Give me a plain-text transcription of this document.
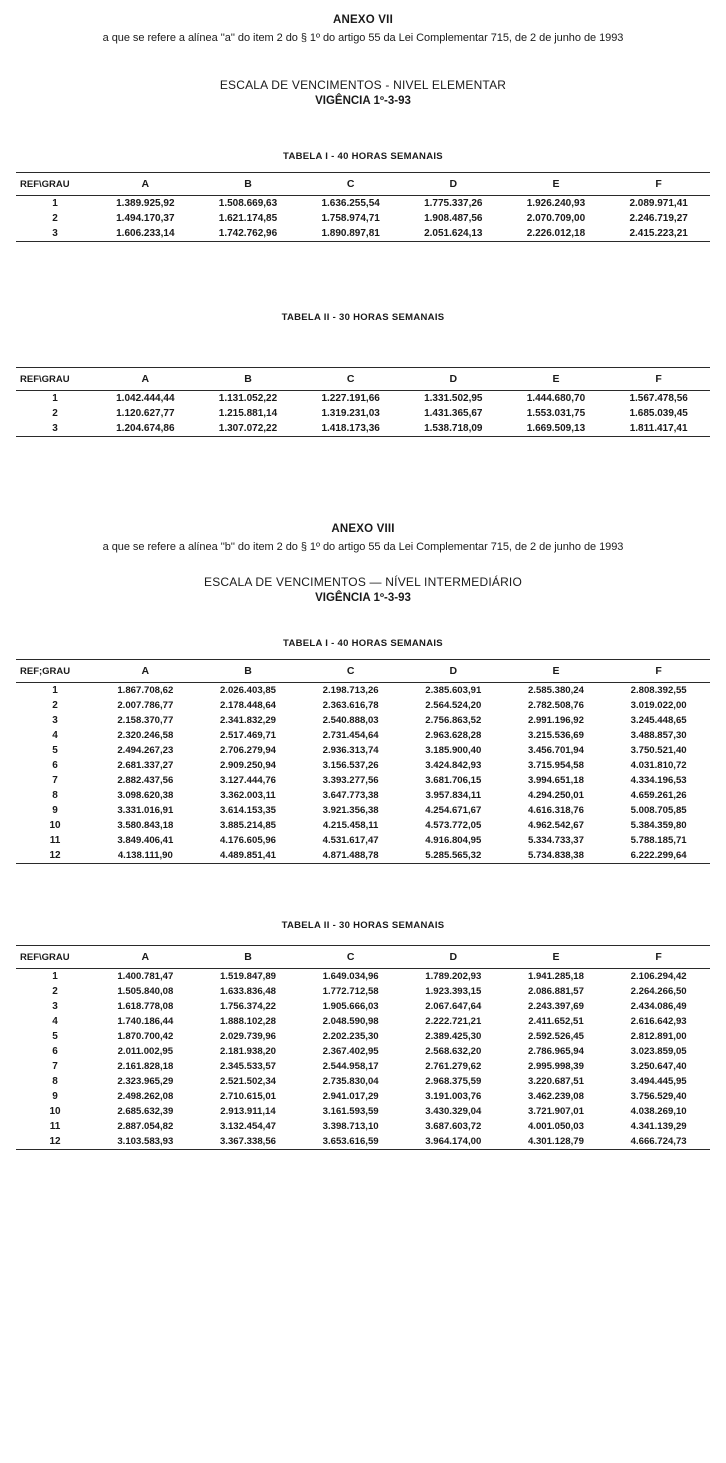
ANEXO VII
a que se refere a alínea ''a'' do item 2 do § 1º do artigo 55 da Lei Complementar 715, de 2 de junho de 1993
ESCALA DE VENCIMENTOS - NIVEL ELEMENTAR
VIGÊNCIA 1º-3-93
TABELA I - 40 HORAS SEMANAIS
REF\GRAU	A	B	C	D	E	F
1	1.389.925,92	1.508.669,63	1.636.255,54	1.775.337,26	1.926.240,93	2.089.971,41
2	1.494.170,37	1.621.174,85	1.758.974,71	1.908.487,56	2.070.709,00	2.246.719,27
3	1.606.233,14	1.742.762,96	1.890.897,81	2.051.624,13	2.226.012,18	2.415.223,21
TABELA II - 30 HORAS SEMANAIS
REF\GRAU	A	B	C	D	E	F
1	1.042.444,44	1.131.052,22	1.227.191,66	1.331.502,95	1.444.680,70	1.567.478,56
2	1.120.627,77	1.215.881,14	1.319.231,03	1.431.365,67	1.553.031,75	1.685.039,45
3	1.204.674,86	1.307.072,22	1.418.173,36	1.538.718,09	1.669.509,13	1.811.417,41
ANEXO VIII
a que se refere a alínea ''b'' do item 2 do § 1º do artigo 55 da Lei Complementar 715, de 2 de junho de 1993
ESCALA DE VENCIMENTOS — NÍVEL INTERMEDIÁRIO
VIGÊNCIA 1º-3-93
TABELA I - 40 HORAS SEMANAIS
REF;GRAU	A	B	C	D	E	F
1	1.867.708,62	2.026.403,85	2.198.713,26	2.385.603,91	2.585.380,24	2.808.392,55
2	2.007.786,77	2.178.448,64	2.363.616,78	2.564.524,20	2.782.508,76	3.019.022,00
3	2.158.370,77	2.341.832,29	2.540.888,03	2.756.863,52	2.991.196,92	3.245.448,65
4	2.320.246,58	2.517.469,71	2.731.454,64	2.963.628,28	3.215.536,69	3.488.857,30
5	2.494.267,23	2.706.279,94	2.936.313,74	3.185.900,40	3.456.701,94	3.750.521,40
6	2.681.337,27	2.909.250,94	3.156.537,26	3.424.842,93	3.715.954,58	4.031.810,72
7	2.882.437,56	3.127.444,76	3.393.277,56	3.681.706,15	3.994.651,18	4.334.196,53
8	3.098.620,38	3.362.003,11	3.647.773,38	3.957.834,11	4.294.250,01	4.659.261,26
9	3.331.016,91	3.614.153,35	3.921.356,38	4.254.671,67	4.616.318,76	5.008.705,85
10	3.580.843,18	3.885.214,85	4.215.458,11	4.573.772,05	4.962.542,67	5.384.359,80
11	3.849.406,41	4.176.605,96	4.531.617,47	4.916.804,95	5.334.733,37	5.788.185,71
12	4.138.111,90	4.489.851,41	4.871.488,78	5.285.565,32	5.734.838,38	6.222.299,64
TABELA II - 30 HORAS SEMANAIS
REF\GRAU	A	B	C	D	E	F
1	1.400.781,47	1.519.847,89	1.649.034,96	1.789.202,93	1.941.285,18	2.106.294,42
2	1.505.840,08	1.633.836,48	1.772.712,58	1.923.393,15	2.086.881,57	2.264.266,50
3	1.618.778,08	1.756.374,22	1.905.666,03	2.067.647,64	2.243.397,69	2.434.086,49
4	1.740.186,44	1.888.102,28	2.048.590,98	2.222.721,21	2.411.652,51	2.616.642,93
5	1.870.700,42	2.029.739,96	2.202.235,30	2.389.425,30	2.592.526,45	2.812.891,00
6	2.011.002,95	2.181.938,20	2.367.402,95	2.568.632,20	2.786.965,94	3.023.859,05
7	2.161.828,18	2.345.533,57	2.544.958,17	2.761.279,62	2.995.998,39	3.250.647,40
8	2.323.965,29	2.521.502,34	2.735.830,04	2.968.375,59	3.220.687,51	3.494.445,95
9	2.498.262,08	2.710.615,01	2.941.017,29	3.191.003,76	3.462.239,08	3.756.529,40
10	2.685.632,39	2.913.911,14	3.161.593,59	3.430.329,04	3.721.907,01	4.038.269,10
11	2.887.054,82	3.132.454,47	3.398.713,10	3.687.603,72	4.001.050,03	4.341.139,29
12	3.103.583,93	3.367.338,56	3.653.616,59	3.964.174,00	4.301.128,79	4.666.724,73
